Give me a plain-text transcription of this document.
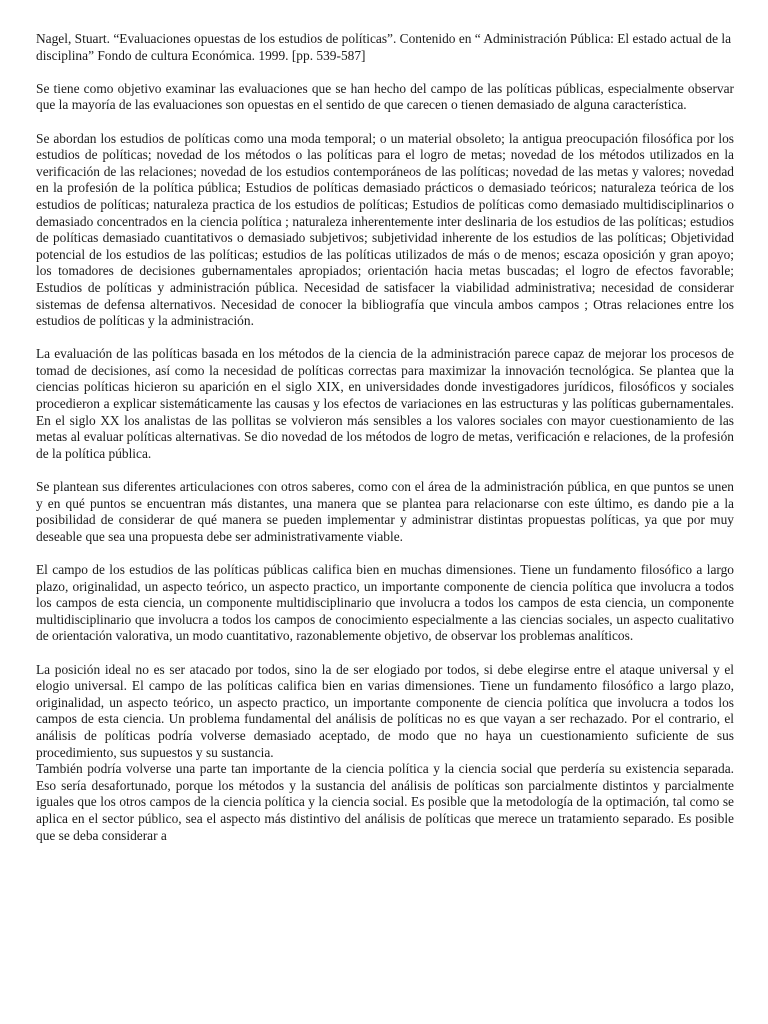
Nagel, Stuart. “Evaluaciones opuestas de los estudios de políticas”. Contenido en “ Administración Pública: El estado actual de la disciplina” Fondo de cultura Económica. 1999. [pp. 539-587]

Se tiene como objetivo examinar las evaluaciones que se han hecho del campo de las políticas públicas, especialmente observar que la mayoría de las evaluaciones son opuestas en el sentido de que carecen o tienen demasiado de alguna característica.

Se abordan los estudios de políticas como una moda temporal; o un material obsoleto; la antigua preocupación filosófica por los estudios de políticas; novedad de los métodos o las políticas para el logro de metas; novedad de los métodos utilizados en la verificación de las relaciones; novedad de los estudios contemporáneos de las políticas; novedad de las metas y valores; novedad en la profesión de la política pública; Estudios de políticas demasiado prácticos o demasiado teóricos; naturaleza teórica de los estudios de políticas; naturaleza practica de los estudios de políticas; Estudios de políticas como demasiado multidisciplinarios o demasiado concentrados en la ciencia política ; naturaleza inherentemente inter deslinaria de los estudios de las políticas; estudios de políticas demasiado cuantitativos o demasiado subjetivos; subjetividad inherente de los estudios de las políticas; Objetividad potencial de los estudios de las políticas; estudios de las políticas utilizados de más o de menos; escaza oposición y gran apoyo; los tomadores de decisiones gubernamentales apropiados; orientación hacia metas buscadas; el logro de efectos favorable; Estudios de políticas y administración pública. Necesidad de satisfacer la viabilidad administrativa; necesidad de considerar sistemas de defensa alternativos. Necesidad de conocer la bibliografía que vincula ambos campos ; Otras relaciones entre los estudios de políticas y la administración.

La evaluación de las políticas basada en los métodos de la ciencia de la administración parece capaz de mejorar los procesos de tomad de decisiones, así como la necesidad de políticas correctas para maximizar la innovación tecnológica. Se plantea que la ciencias políticas hicieron su aparición en el siglo XIX, en universidades donde investigadores jurídicos, filosóficos y sociales procedieron a explicar sistemáticamente las causas y los efectos de variaciones en las estructuras y las políticas gubernamentales. En el siglo XX los analistas de las pollitas se volvieron más sensibles a los valores sociales con mayor cuestionamiento de las metas al evaluar políticas alternativas. Se dio novedad de los métodos de logro de metas, verificación e relaciones, de la profesión de la política pública.

Se plantean sus diferentes articulaciones con otros saberes, como con el área de la administración pública, en que puntos se unen y en qué puntos se encuentran más distantes, una manera que se plantea para relacionarse con este último, es dando pie a la posibilidad de considerar de qué manera se pueden implementar y administrar distintas propuestas políticas, ya que por muy deseable que sea una propuesta debe ser administrativamente viable.

El campo de los estudios de las políticas públicas califica bien en muchas dimensiones. Tiene un fundamento filosófico a largo plazo, originalidad, un aspecto teórico, un aspecto practico, un importante componente de ciencia política que involucra a todos los campos de esta ciencia, un componente multidisciplinario que involucra a todos los campos de esta ciencia, un componente multidisciplinario que involucra a todos los campos de conocimiento especialmente a las ciencias sociales, un aspecto cualitativo de orientación valorativa, un modo cuantitativo, razonablemente objetivo, de observar los problemas analíticos.

La posición ideal no es ser atacado por todos, sino la de ser elogiado por todos, si debe elegirse entre el ataque universal y el elogio universal. El campo de las políticas califica bien en varias dimensiones. Tiene un fundamento filosófico a largo plazo, originalidad, un aspecto teórico, un aspecto practico, un importante componente de ciencia política que involucra a todos los campos de esta ciencia. Un problema fundamental del análisis de políticas no es que vayan a ser rechazado. Por el contrario, el análisis de políticas podría volverse demasiado aceptado, de modo que no haya un cuestionamiento suficiente de sus procedimiento, sus supuestos y su sustancia.

También podría volverse una parte tan importante de la ciencia política y la ciencia social que perdería su existencia separada. Eso sería desafortunado, porque los métodos y la sustancia del análisis de políticas son parcialmente distintos y parcialmente iguales que los otros campos de la ciencia política y la ciencia social. Es posible que la metodología de la optimación, tal como se aplica en el sector público, sea el aspecto más distintivo del análisis de políticas que merece un tratamiento separado. Es posible que se deba considerar a
